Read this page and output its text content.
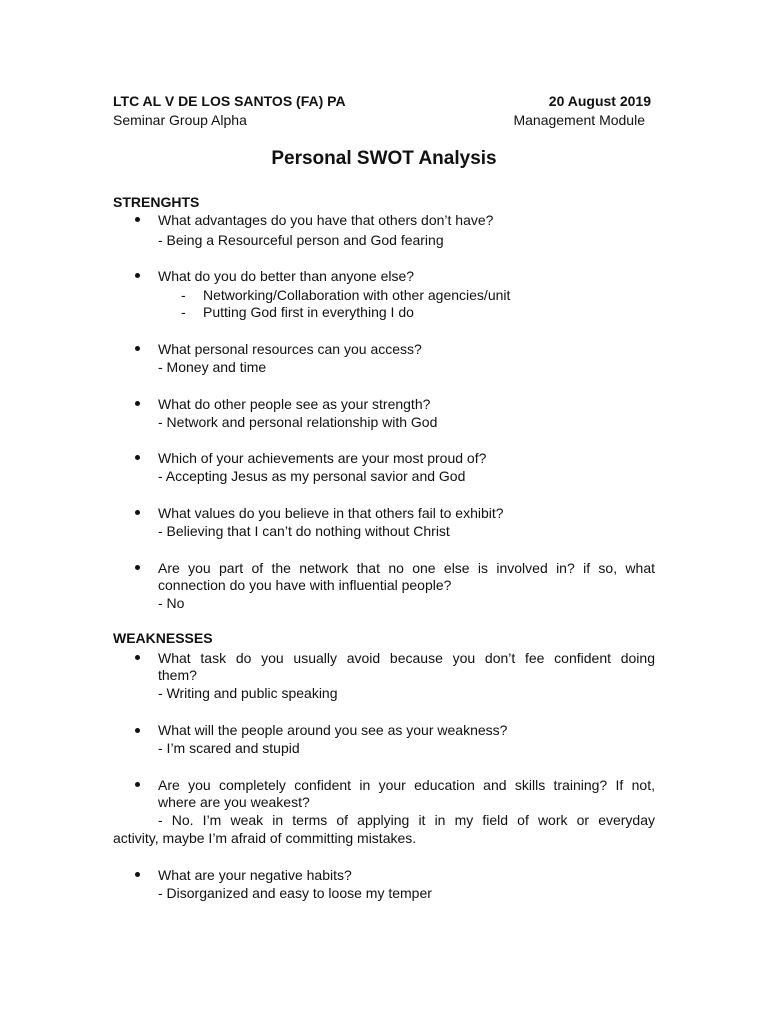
LTC AL V DE LOS SANTOS (FA) PA	20 August 2019
Seminar Group Alpha	Management Module
Personal SWOT Analysis
STRENGHTS
What advantages do you have that others don’t have?
- Being a Resourceful person and God fearing
What do you do better than anyone else?
- Networking/Collaboration with other agencies/unit
- Putting God first in everything I do
What personal resources can you access?
- Money and time
What do other people see as your strength?
- Network and personal relationship with God
Which of your achievements are your most proud of?
- Accepting Jesus as my personal savior and God
What values do you believe in that others fail to exhibit?
- Believing that I can’t do nothing without Christ
Are you part of the network that no one else is involved in? if so, what
connection do you have with influential people?
- No
WEAKNESSES
What task do you usually avoid because you don’t fee confident doing
them?
- Writing and public speaking
What will the people around you see as your weakness?
- I’m scared and stupid
Are you completely confident in your education and skills training? If not,
where are you weakest?
- No. I’m weak in terms of applying it in my field of work or everyday
activity, maybe I’m afraid of committing mistakes.
What are your negative habits?
- Disorganized and easy to loose my temper
